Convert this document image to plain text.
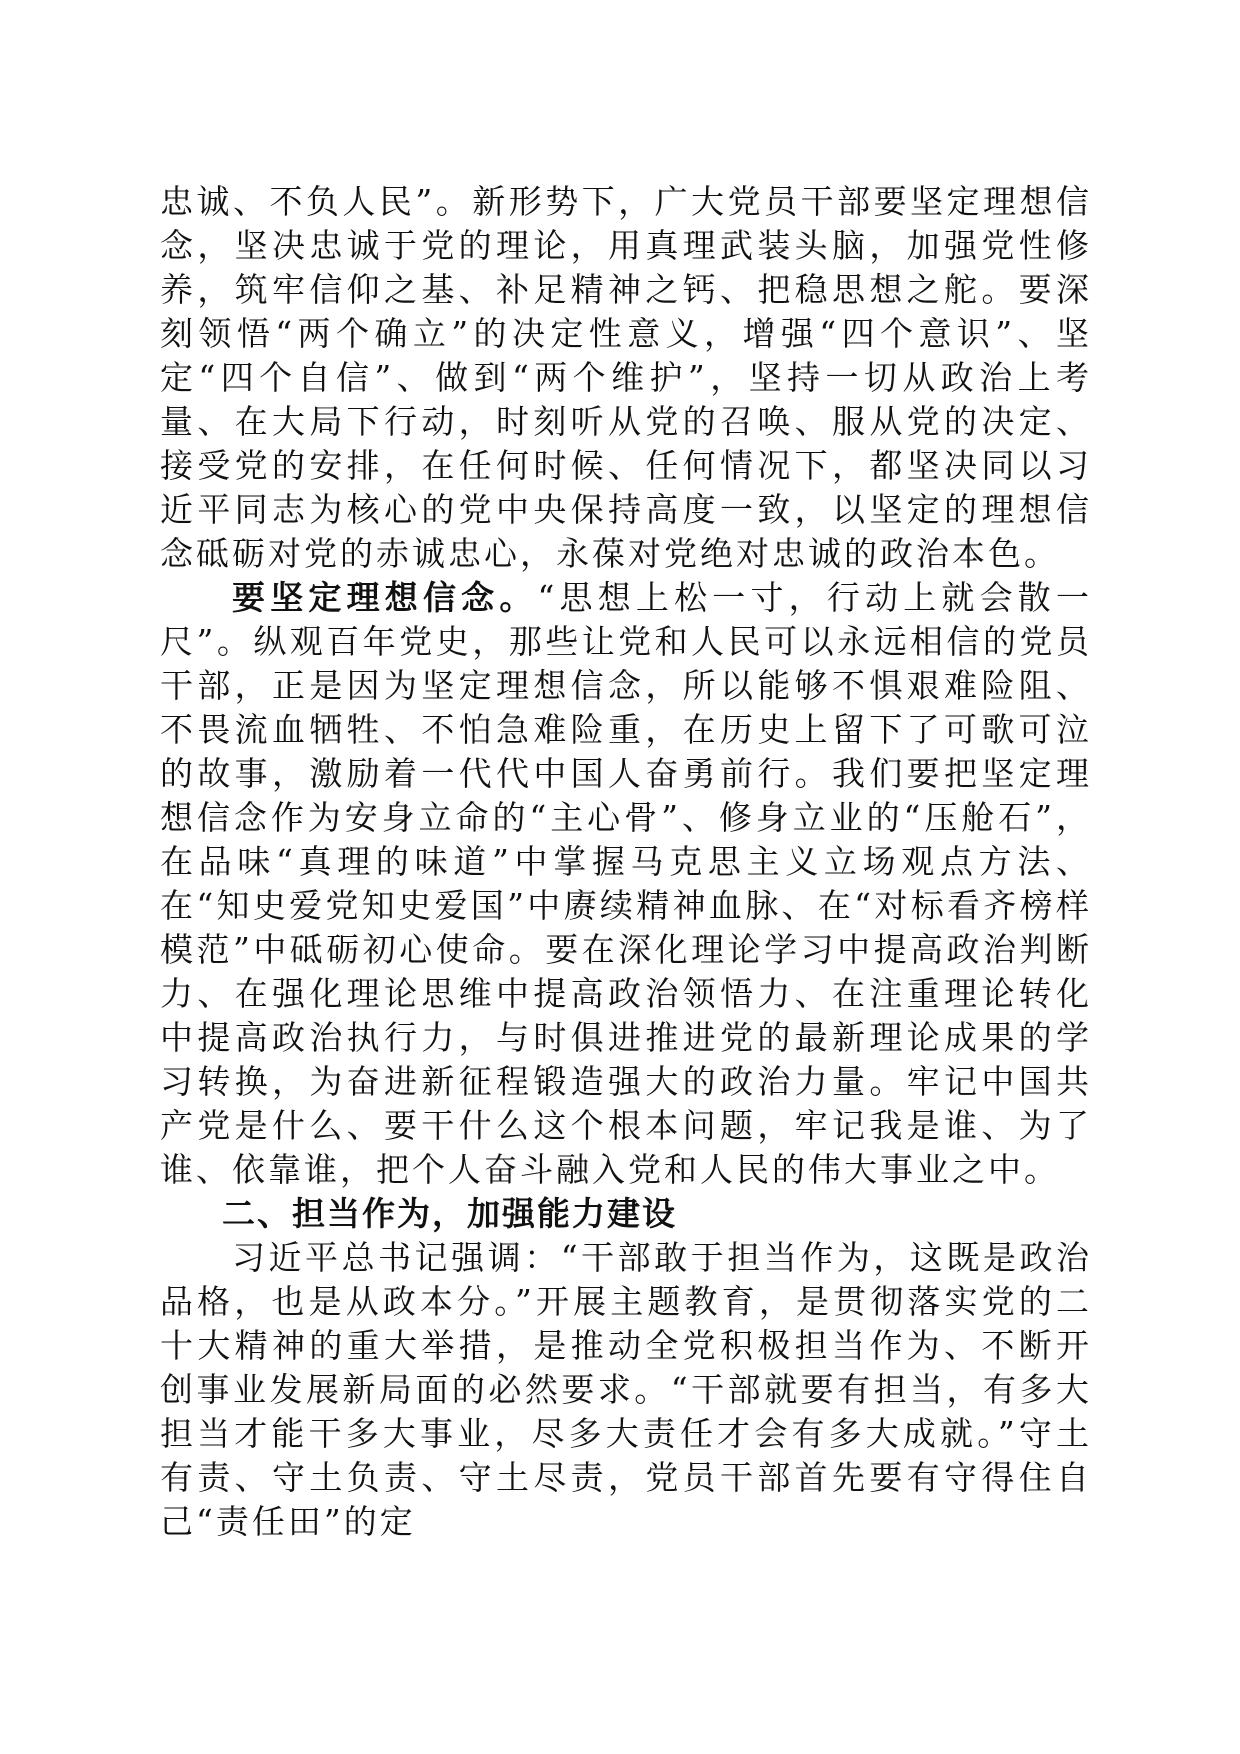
忠诚、不负人民”。新形势下，广大党员干部要坚定理想信念，坚决忠诚于党的理论，用真理武装头脑，加强党性修养，筑牢信仰之基、补足精神之钙、把稳思想之舵。要深刻领悟“两个确立”的决定性意义，增强“四个意识”、坚定“四个自信”、做到“两个维护”，坚持一切从政治上考量、在大局下行动，时刻听从党的召唤、服从党的决定、接受党的安排，在任何时候、任何情况下，都坚决同以习近平同志为核心的党中央保持高度一致，以坚定的理想信念砥砺对党的赤诚忠心，永葆对党绝对忠诚的政治本色。

要坚定理想信念。“思想上松一寸，行动上就会散一尺”。纵观百年党史，那些让党和人民可以永远相信的党员干部，正是因为坚定理想信念，所以能够不惧艰难险阻、不畏流血牺牲、不怕急难险重，在历史上留下了可歌可泣的故事，激励着一代代中国人奋勇前行。我们要把坚定理想信念作为安身立命的“主心骨”、修身立业的“压舱石”，在品味“真理的味道”中掌握马克思主义立场观点方法、在“知史爱党知史爱国”中赓续精神血脉、在“对标看齐榜样模范”中砥砺初心使命。要在深化理论学习中提高政治判断力、在强化理论思维中提高政治领悟力、在注重理论转化中提高政治执行力，与时俱进推进党的最新理论成果的学习转换，为奋进新征程锻造强大的政治力量。牢记中国共产党是什么、要干什么这个根本问题，牢记我是谁、为了谁、依靠谁，把个人奋斗融入党和人民的伟大事业之中。

二、担当作为，加强能力建设

习近平总书记强调：“干部敢于担当作为，这既是政治品格，也是从政本分。”开展主题教育，是贯彻落实党的二十大精神的重大举措，是推动全党积极担当作为、不断开创事业发展新局面的必然要求。“干部就要有担当，有多大担当才能干多大事业，尽多大责任才会有多大成就。”守土有责、守土负责、守土尽责，党员干部首先要有守得住自己“责任田”的定
